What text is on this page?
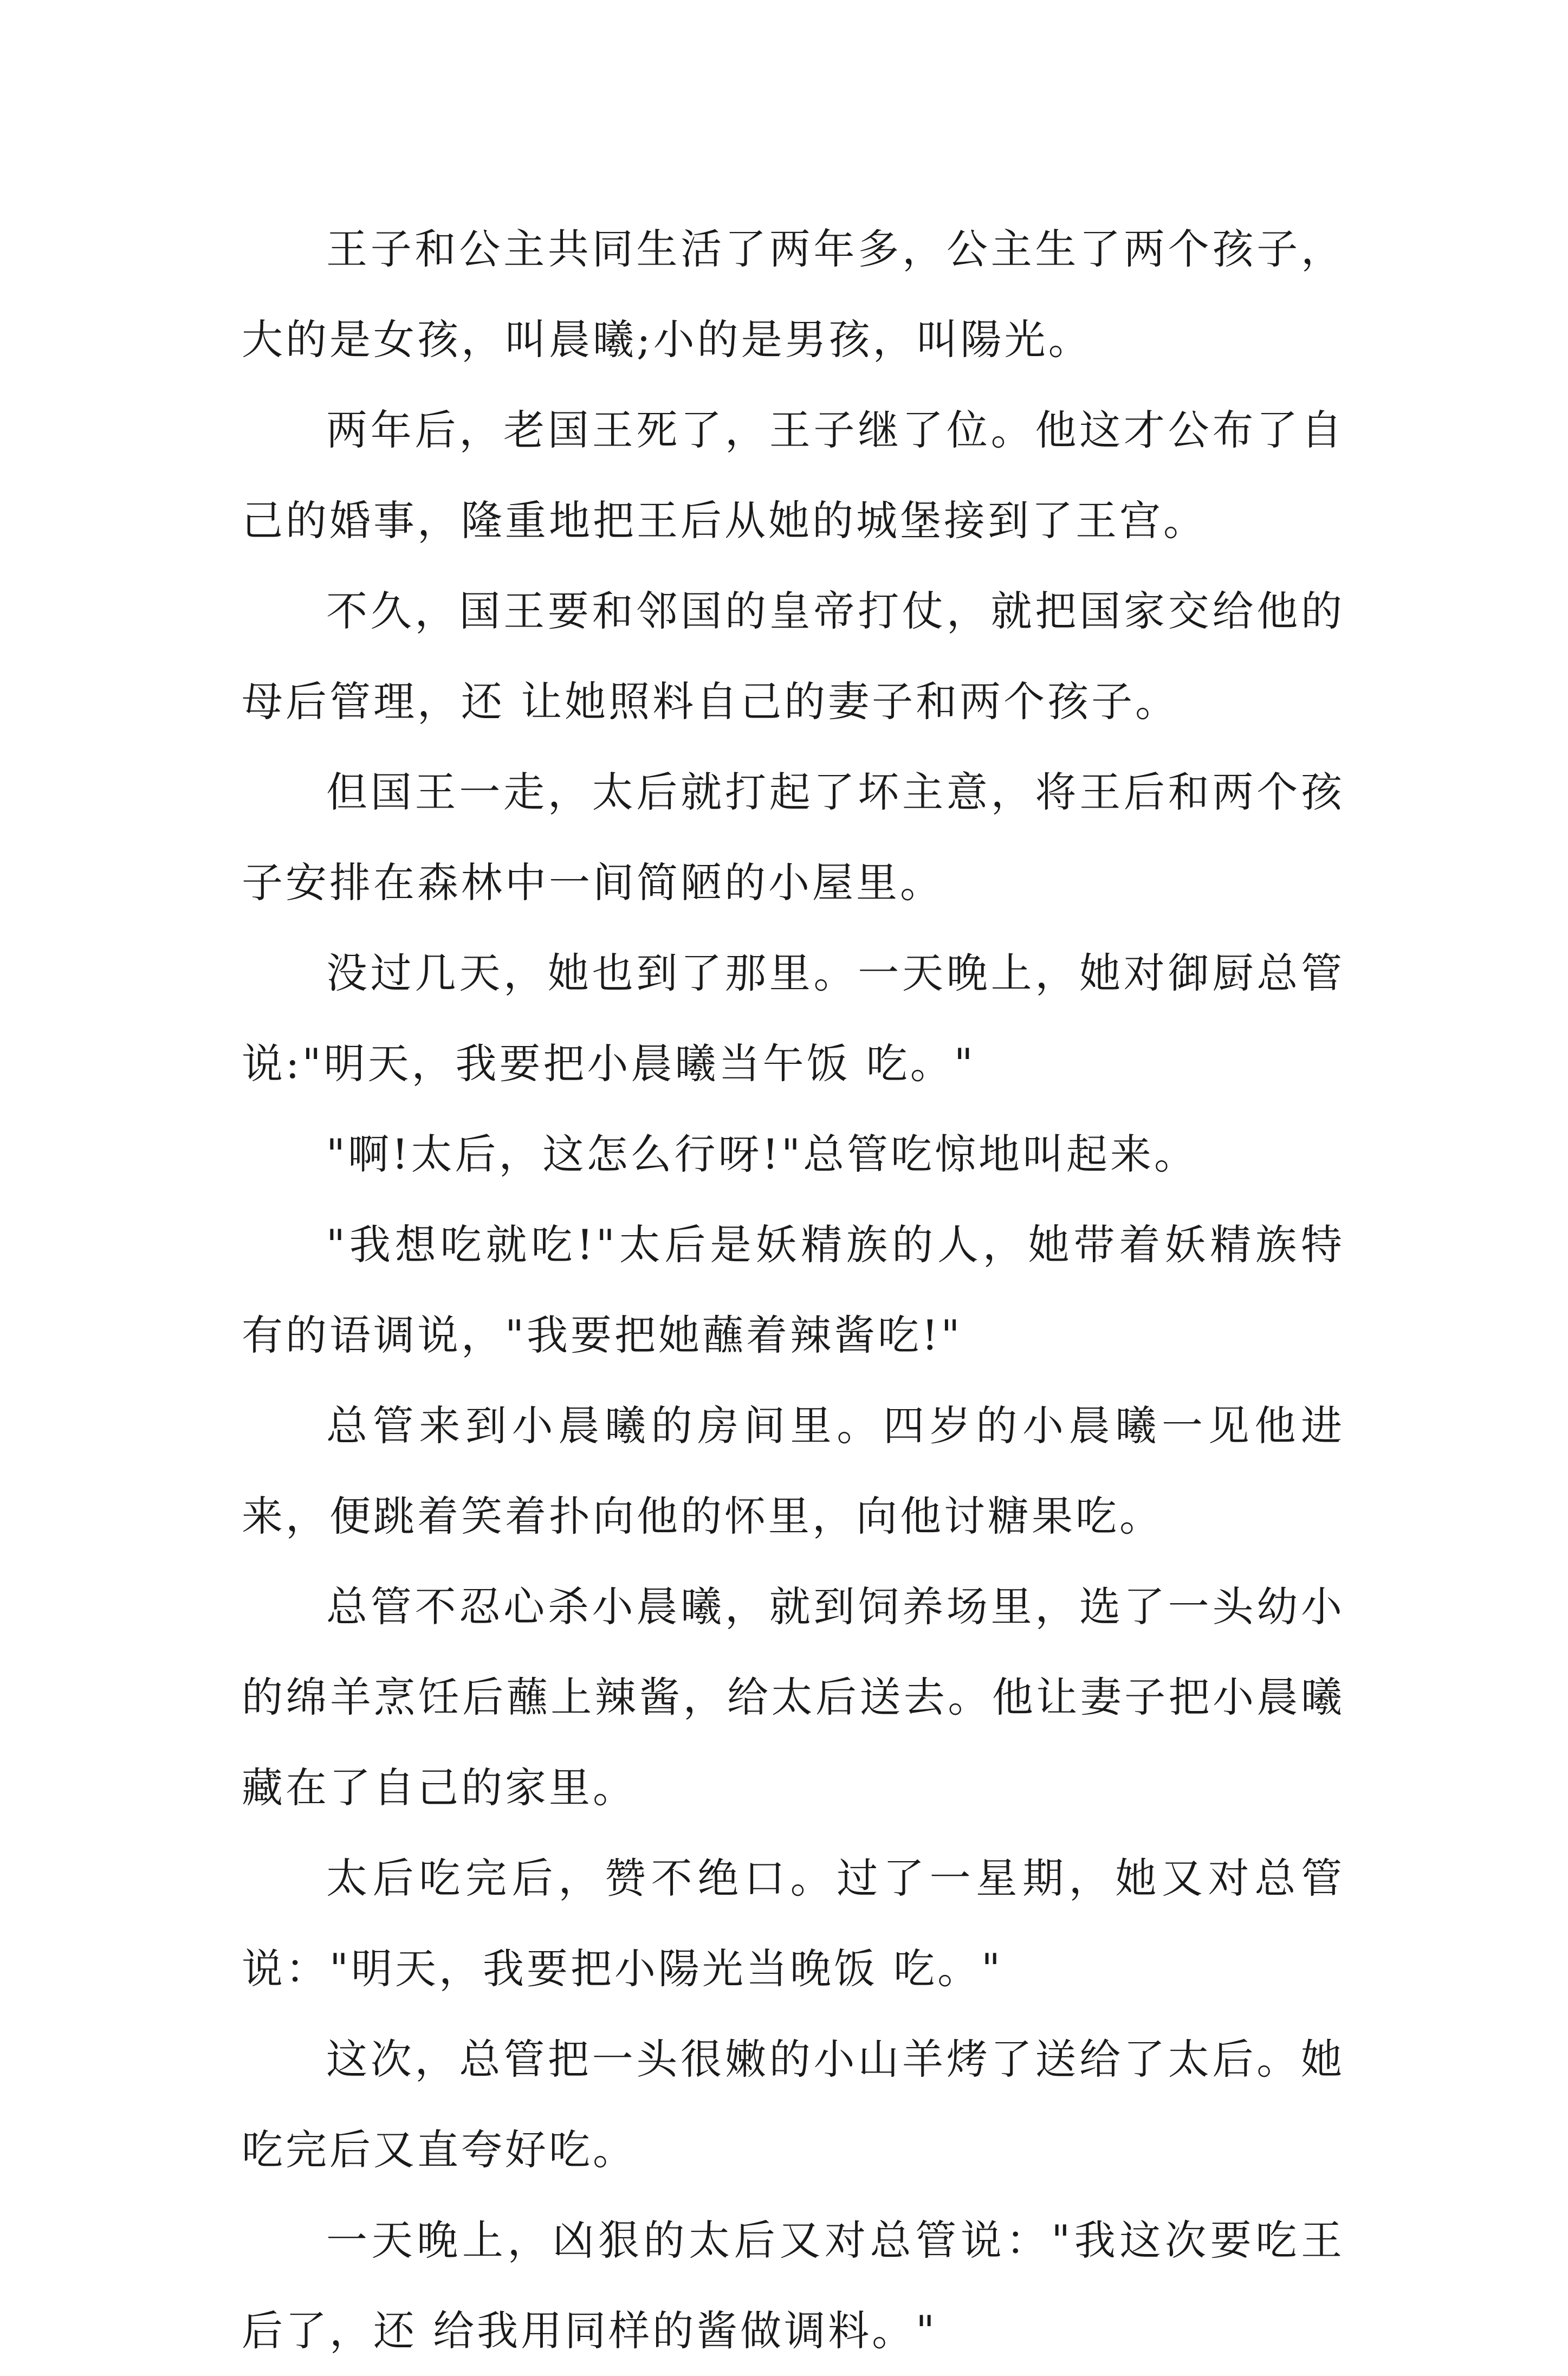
王子和公主共同生活了两年多，公主生了两个孩子，大的是女孩，叫晨曦;小的是男孩，叫陽光。

两年后，老国王死了，王子继了位。他这才公布了自己的婚事，隆重地把王后从她的城堡接到了王宫。

不久，国王要和邻国的皇帝打仗，就把国家交给他的母后管理，还 让她照料自己的妻子和两个孩子。

但国王一走，太后就打起了坏主意，将王后和两个孩子安排在森林中一间简陋的小屋里。

没过几天，她也到了那里。一天晚上，她对御厨总管说:"明天，我要把小晨曦当午饭 吃。"

"啊!太后，这怎么行呀!"总管吃惊地叫起来。

"我想吃就吃!"太后是妖精族的人，她带着妖精族特有的语调说，"我要把她蘸着辣酱吃!"

总管来到小晨曦的房间里。四岁的小晨曦一见他进来，便跳着笑着扑向他的怀里，向他讨糖果吃。

总管不忍心杀小晨曦，就到饲养场里，选了一头幼小的绵羊烹饪后蘸上辣酱，给太后送去。他让妻子把小晨曦藏在了自己的家里。

太后吃完后，赞不绝口。过了一星期，她又对总管说："明天，我要把小陽光当晚饭 吃。"

这次，总管把一头很嫩的小山羊烤了送给了太后。她吃完后又直夸好吃。

一天晚上，凶狠的太后又对总管说："我这次要吃王后了，还 给我用同样的酱做调料。"
